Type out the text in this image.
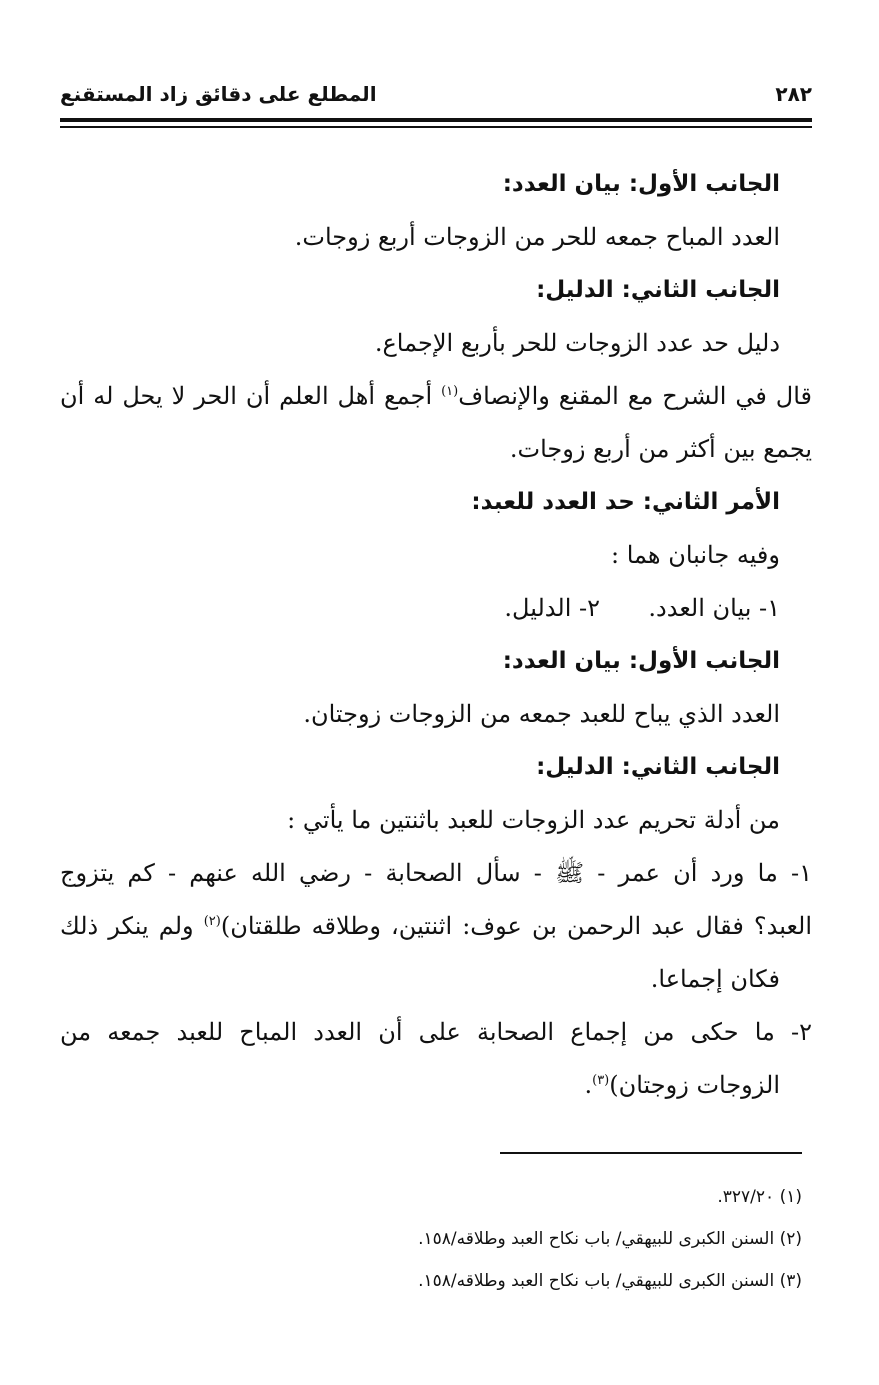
٢٨٢
المطلع على دقائق زاد المستقنع
الجانب الأول: بيان العدد:
العدد المباح جمعه للحر من الزوجات أربع زوجات.
الجانب الثاني: الدليل:
دليل حد عدد الزوجات للحر بأربع الإجماع.
قال في الشرح مع المقنع والإنصاف$^{(١)}$ أجمع أهل العلم أن الحر لا يحل له أن
يجمع بين أكثر من أربع زوجات.
الأمر الثاني: حد العدد للعبد:
وفيه جانبان هما :
١- بيان العدد.
٢- الدليل.
الجانب الأول: بيان العدد:
العدد الذي يباح للعبد جمعه من الزوجات زوجتان.
الجانب الثاني: الدليل:
من أدلة تحريم عدد الزوجات للعبد باثنتين ما يأتي :
١- ما ورد أن عمر - ﷺ - سأل الصحابة - رضي الله عنهم - كم يتزوج
العبد؟ فقال عبد الرحمن بن عوف: اثنتين، وطلاقه طلقتان)$^{(٢)}$ ولم ينكر ذلك
فكان إجماعا.
٢- ما حكى من إجماع الصحابة على أن العدد المباح للعبد جمعه من
الزوجات زوجتان)$^{(٣)}$.
(١) ٣٢٧/٢٠.
(٢) السنن الكبرى للبيهقي/ باب نكاح العبد وطلاقه/١٥٨.
(٣) السنن الكبرى للبيهقي/ باب نكاح العبد وطلاقه/١٥٨.
